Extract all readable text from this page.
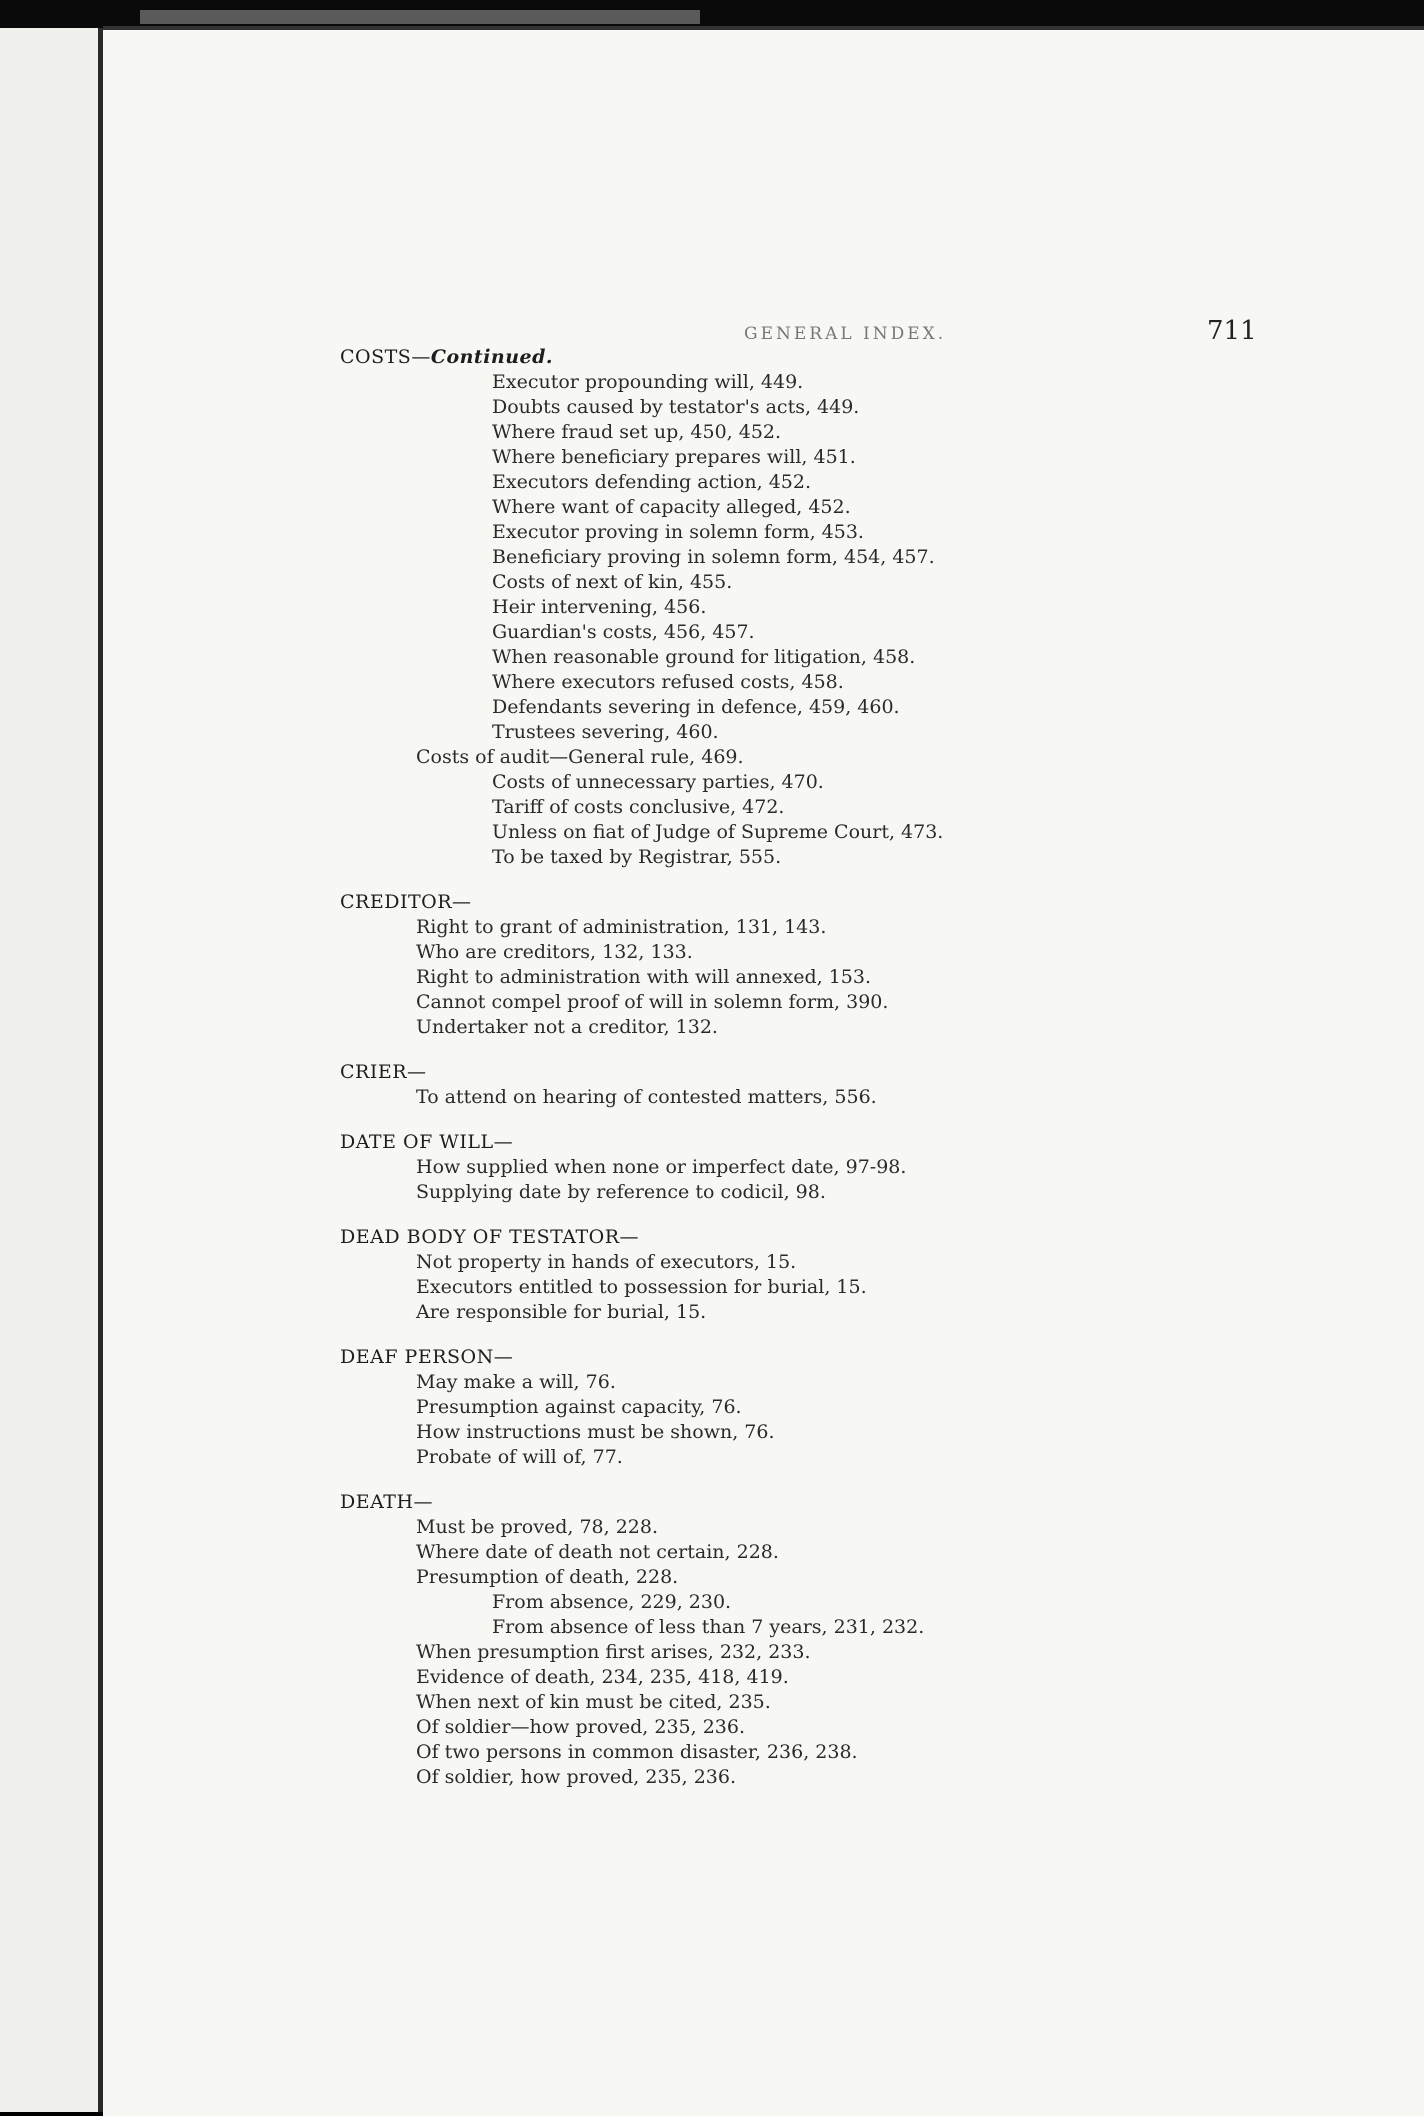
GENERAL INDEX.	711
COSTS—Continued.
Executor propounding will, 449.
Doubts caused by testator's acts, 449.
Where fraud set up, 450, 452.
Where beneficiary prepares will, 451.
Executors defending action, 452.
Where want of capacity alleged, 452.
Executor proving in solemn form, 453.
Beneficiary proving in solemn form, 454, 457.
Costs of next of kin, 455.
Heir intervening, 456.
Guardian's costs, 456, 457.
When reasonable ground for litigation, 458.
Where executors refused costs, 458.
Defendants severing in defence, 459, 460.
Trustees severing, 460.
Costs of audit—General rule, 469.
Costs of unnecessary parties, 470.
Tariff of costs conclusive, 472.
Unless on fiat of Judge of Supreme Court, 473.
To be taxed by Registrar, 555.
CREDITOR—
Right to grant of administration, 131, 143.
Who are creditors, 132, 133.
Right to administration with will annexed, 153.
Cannot compel proof of will in solemn form, 390.
Undertaker not a creditor, 132.
CRIER—
To attend on hearing of contested matters, 556.
DATE OF WILL—
How supplied when none or imperfect date, 97-98.
Supplying date by reference to codicil, 98.
DEAD BODY OF TESTATOR—
Not property in hands of executors, 15.
Executors entitled to possession for burial, 15.
Are responsible for burial, 15.
DEAF PERSON—
May make a will, 76.
Presumption against capacity, 76.
How instructions must be shown, 76.
Probate of will of, 77.
DEATH—
Must be proved, 78, 228.
Where date of death not certain, 228.
Presumption of death, 228.
From absence, 229, 230.
From absence of less than 7 years, 231, 232.
When presumption first arises, 232, 233.
Evidence of death, 234, 235, 418, 419.
When next of kin must be cited, 235.
Of soldier—how proved, 235, 236.
Of two persons in common disaster, 236, 238.
Of soldier, how proved, 235, 236.
